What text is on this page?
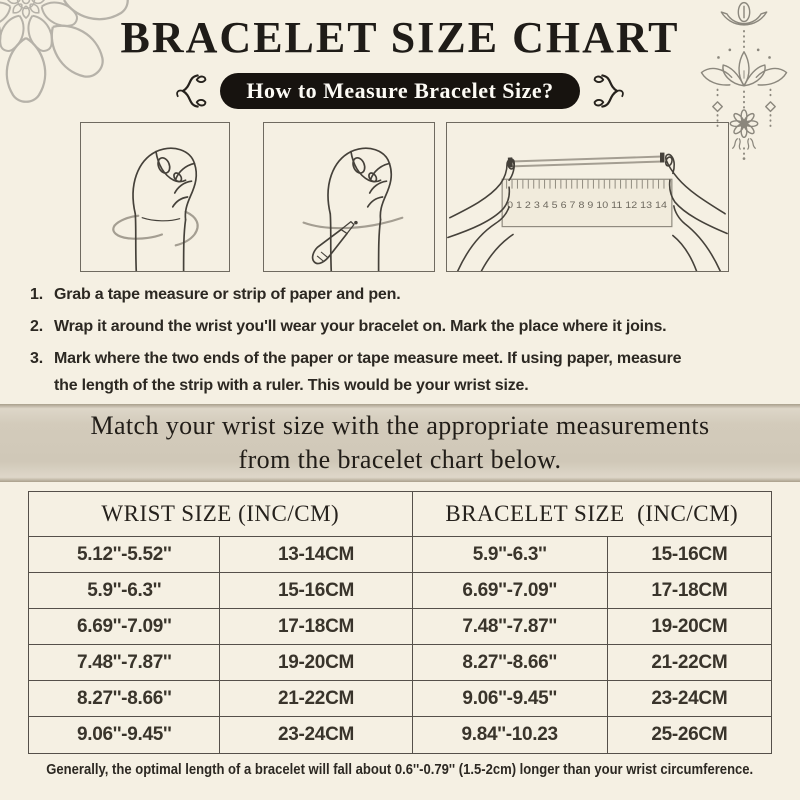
BRACELET SIZE CHART
How to Measure Bracelet Size?
0 1 2 3 4 5 6 7 8 9 10 11 12 13 14
1. Grab a tape measure or strip of paper and pen.
2. Wrap it around the wrist you'll wear your bracelet on. Mark the place where it joins.
3. Mark where the two ends of the paper or tape measure meet. If using paper, measure
the length of the strip with a ruler. This would be your wrist size.
Match your wrist size with the appropriate measurements
from the bracelet chart below.
WRIST SIZE (INC/CM)	BRACELET SIZE  (INC/CM)
5.12''-5.52''	13-14CM	5.9''-6.3''	15-16CM
5.9''-6.3''	15-16CM	6.69''-7.09''	17-18CM
6.69''-7.09''	17-18CM	7.48''-7.87''	19-20CM
7.48''-7.87''	19-20CM	8.27''-8.66''	21-22CM
8.27''-8.66''	21-22CM	9.06''-9.45''	23-24CM
9.06''-9.45''	23-24CM	9.84''-10.23	25-26CM
Generally, the optimal length of a bracelet will fall about 0.6''-0.79'' (1.5-2cm) longer than your wrist circumference.
